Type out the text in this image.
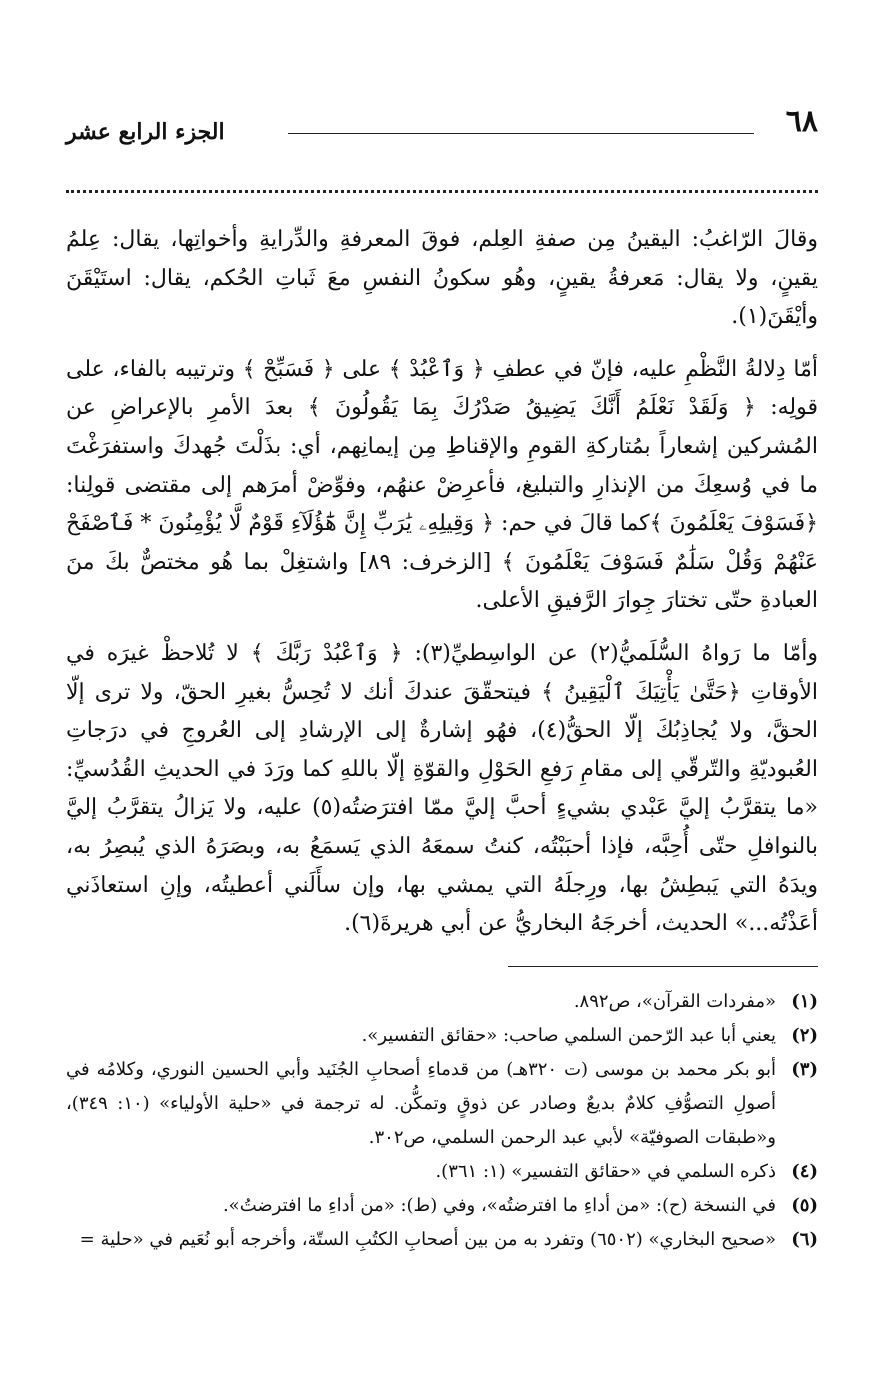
٦٨
الجزء الرابع عشر

وقالَ الرّاغبُ: اليقينُ مِن صفةِ العِلم، فوقَ المعرفةِ والدِّرايةِ وأخواتِها، يقال: عِلمُ يقينٍ، ولا يقال: مَعرفةُ يقينٍ، وهُو سكونُ النفسِ معَ ثَباتِ الحُكم، يقال: استَيْقَنَ وأيْقَنَ(١).

أمّا دِلالةُ النَّظْمِ عليه، فإنّ في عطفِ ﴿ وَٱعْبُدْ ﴾ على ﴿ فَسَبِّحْ ﴾ وترتيبه بالفاء، على قولِه: ﴿ وَلَقَدْ نَعْلَمُ أَنَّكَ يَضِيقُ صَدْرُكَ بِمَا يَقُولُونَ ﴾ بعدَ الأمرِ بالإعراضِ عن المُشركين إشعاراً بمُتاركةِ القومِ والإقناطِ مِن إيمانِهم، أي: بذَلْتَ جُهدكَ واستفرَغْتَ ما في وُسعِكَ من الإنذارِ والتبليغ، فأعرِضْ عنهُم، وفوِّضْ أمرَهم إلى مقتضى قولِنا: ﴿فَسَوْفَ يَعْلَمُونَ ﴾كما قالَ في حم: ﴿ وَقِيلِهِۦ يَٰرَبِّ إِنَّ هَٰٓؤُلَآءِ قَوْمٌ لَّا يُؤْمِنُونَ * فَٱصْفَحْ عَنْهُمْ وَقُلْ سَلَٰمٌ فَسَوْفَ يَعْلَمُونَ ﴾ [الزخرف: ٨٩] واشتغِلْ بما هُو مختصٌّ بكَ منَ العبادةِ حتّى تختارَ جِوارَ الرَّفيقِ الأعلى.

وأمّا ما رَواهُ السُّلَميُّ(٢) عن الواسِطيِّ(٣): ﴿ وَٱعْبُدْ رَبَّكَ ﴾ لا تُلاحظْ غيرَه في الأوقاتِ ﴿حَتَّىٰ يَأْتِيَكَ ٱلْيَقِينُ ﴾ فيتحقّقَ عندكَ أنك لا تُحِسُّ بغيرِ الحقّ، ولا ترى إلّا الحقَّ، ولا يُجاذِبُكَ إلّا الحقُّ(٤)، فهُو إشارةٌ إلى الإرشادِ إلى العُروجِ في درَجاتِ العُبوديّةِ والتّرقّي إلى مقامِ رَفعِ الحَوْلِ والقوّةِ إلّا باللهِ كما ورَدَ في الحديثِ القُدُسيِّ: «ما يتقرَّبُ إليَّ عَبْدي بشيءٍ أحبَّ إليَّ ممّا افترَضتُه(٥) عليه، ولا يَزالُ يتقرَّبُ إليَّ بالنوافلِ حتّى أُحِبَّه، فإذا أحبَبْتُه، كنتُ سمعَهُ الذي يَسمَعُ به، وبصَرَهُ الذي يُبصِرُ به، ويدَهُ التي يَبطِشُ بها، ورِجلَهُ التي يمشي بها، وإن سأَلَني أعطيتُه، وإنِ استعاذَني أعَذْتُه...» الحديث، أخرجَهُ البخاريُّ عن أبي هريرةَ(٦).

(١)
«مفردات القرآن»، ص٨٩٢.
(٢)
يعني أبا عبد الرّحمن السلمي صاحب: «حقائق التفسير».
(٣)
أبو بكر محمد بن موسى (ت ٣٢٠هـ) من قدماءِ أصحابِ الجُنَيد وأبي الحسين النوري، وكلامُه في أصولِ التصوُّفِ كلامٌ بديعٌ وصادر عن ذوقٍ وتمكُّن. له ترجمة في «حلية الأولياء» (١٠: ٣٤٩)، و«طبقات الصوفيّة» لأبي عبد الرحمن السلمي، ص٣٠٢.
(٤)
ذكره السلمي في «حقائق التفسير» (١: ٣٦١).
(٥)
في النسخة (ح): «من أداءِ ما افترضتُه»، وفي (ط): «من أداءِ ما افترضتُ».
(٦)
«صحيح البخاري» (٦٥٠٢) وتفرد به من بين أصحابِ الكتُبِ الستّة، وأخرجه أبو نُعَيم في «حلية =
